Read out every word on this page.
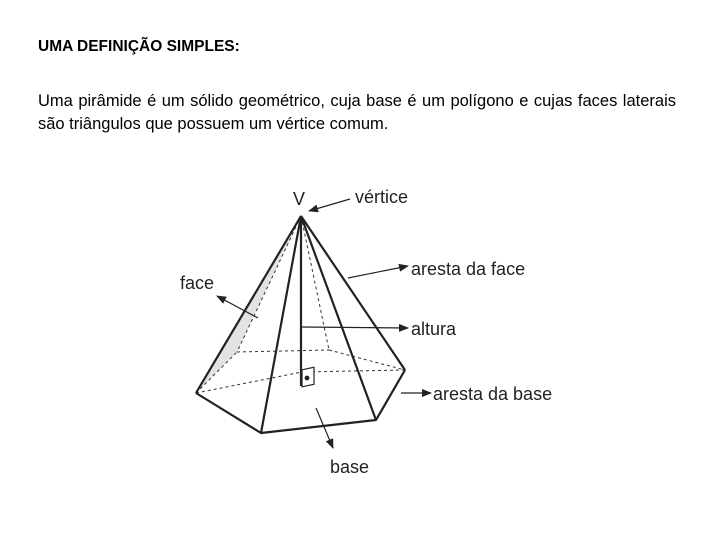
UMA DEFINIÇÃO SIMPLES:

Uma pirâmide é um sólido geométrico, cuja base é um polígono e cujas faces laterais são triângulos que possuem um vértice comum.

V	vértice
aresta da face
altura
aresta da base
face
base
